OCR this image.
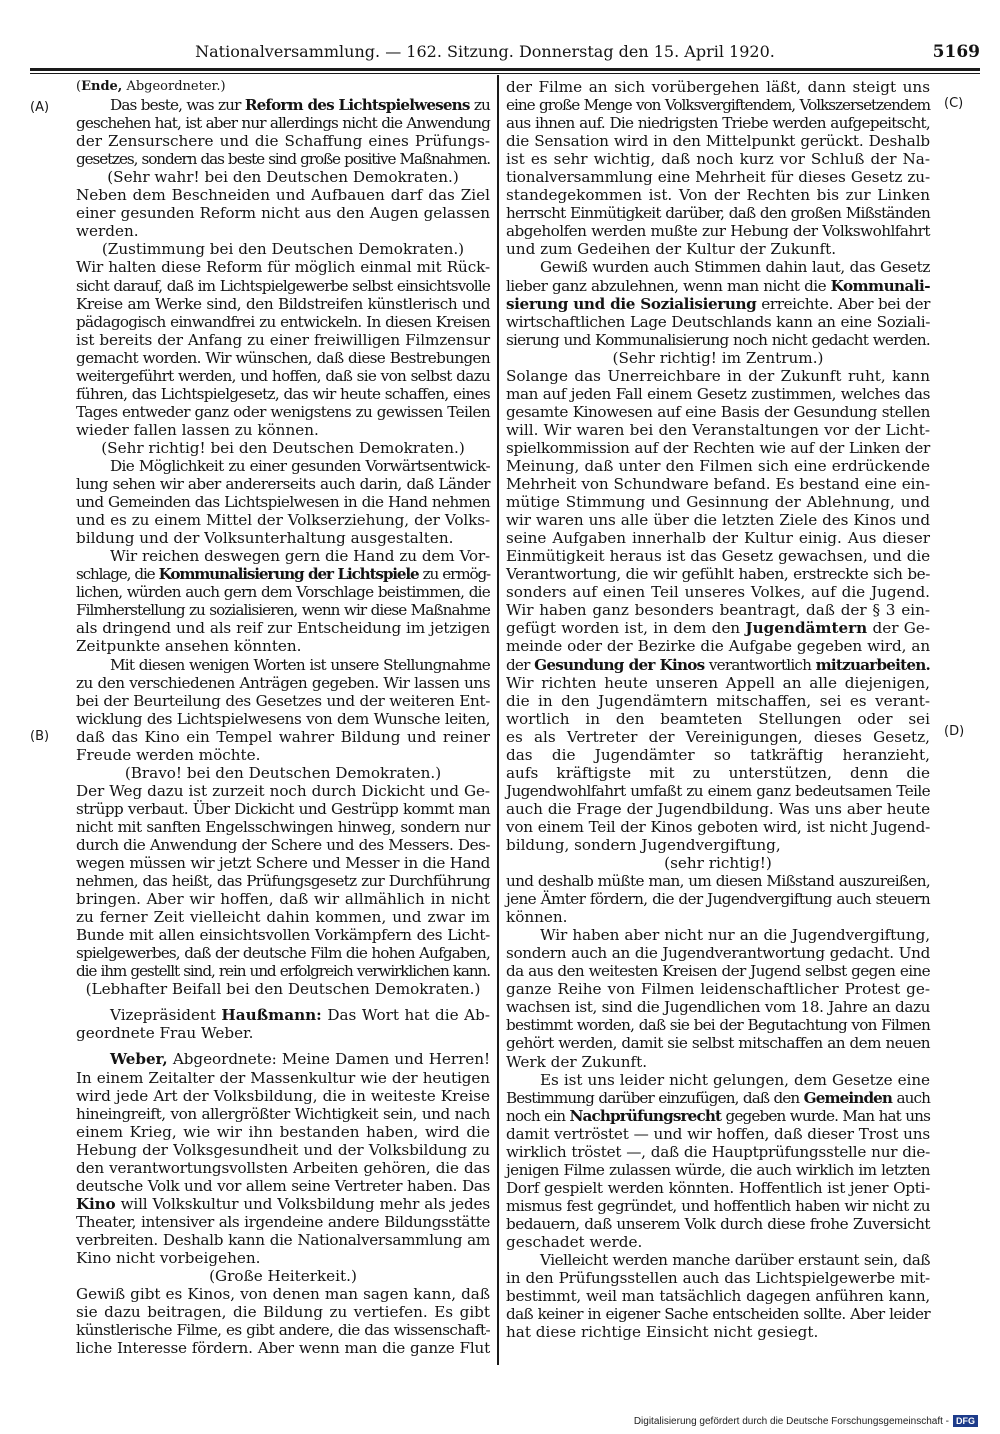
Nationalversammlung. — 162. Sitzung. Donnerstag den 15. April 1920.	5169
(A)
(B)
(C)
(D)
(Ende, Abgeordneter.)
Das beste, was zur Reform des Lichtspielwesens zu
geschehen hat, ist aber nur allerdings nicht die Anwendung
der Zensurschere und die Schaffung eines Prüfungs-
gesetzes, sondern das beste sind große positive Maßnahmen.
(Sehr wahr! bei den Deutschen Demokraten.)
Neben dem Beschneiden und Aufbauen darf das Ziel
einer gesunden Reform nicht aus den Augen gelassen
werden.
(Zustimmung bei den Deutschen Demokraten.)
Wir halten diese Reform für möglich einmal mit Rück-
sicht darauf, daß im Lichtspielgewerbe selbst einsichtsvolle
Kreise am Werke sind, den Bildstreifen künstlerisch und
pädagogisch einwandfrei zu entwickeln. In diesen Kreisen
ist bereits der Anfang zu einer freiwilligen Filmzensur
gemacht worden. Wir wünschen, daß diese Bestrebungen
weitergeführt werden, und hoffen, daß sie von selbst dazu
führen, das Lichtspielgesetz, das wir heute schaffen, eines
Tages entweder ganz oder wenigstens zu gewissen Teilen
wieder fallen lassen zu können.
(Sehr richtig! bei den Deutschen Demokraten.)
Die Möglichkeit zu einer gesunden Vorwärtsentwick-
lung sehen wir aber andererseits auch darin, daß Länder
und Gemeinden das Lichtspielwesen in die Hand nehmen
und es zu einem Mittel der Volkserziehung, der Volks-
bildung und der Volksunterhaltung ausgestalten.
Wir reichen deswegen gern die Hand zu dem Vor-
schlage, die Kommunalisierung der Lichtspiele zu ermög-
lichen, würden auch gern dem Vorschlage beistimmen, die
Filmherstellung zu sozialisieren, wenn wir diese Maßnahme
als dringend und als reif zur Entscheidung im jetzigen
Zeitpunkte ansehen könnten.
Mit diesen wenigen Worten ist unsere Stellungnahme
zu den verschiedenen Anträgen gegeben. Wir lassen uns
bei der Beurteilung des Gesetzes und der weiteren Ent-
wicklung des Lichtspielwesens von dem Wunsche leiten,
daß das Kino ein Tempel wahrer Bildung und reiner
Freude werden möchte.
(Bravo! bei den Deutschen Demokraten.)
Der Weg dazu ist zurzeit noch durch Dickicht und Ge-
strüpp verbaut. Über Dickicht und Gestrüpp kommt man
nicht mit sanften Engelsschwingen hinweg, sondern nur
durch die Anwendung der Schere und des Messers. Des-
wegen müssen wir jetzt Schere und Messer in die Hand
nehmen, das heißt, das Prüfungsgesetz zur Durchführung
bringen. Aber wir hoffen, daß wir allmählich in nicht
zu ferner Zeit vielleicht dahin kommen, und zwar im
Bunde mit allen einsichtsvollen Vorkämpfern des Licht-
spielgewerbes, daß der deutsche Film die hohen Aufgaben,
die ihm gestellt sind, rein und erfolgreich verwirklichen kann.
(Lebhafter Beifall bei den Deutschen Demokraten.)
Vizepräsident Haußmann: Das Wort hat die Ab-
geordnete Frau Weber.
Weber, Abgeordnete: Meine Damen und Herren!
In einem Zeitalter der Massenkultur wie der heutigen
wird jede Art der Volksbildung, die in weiteste Kreise
hineingreift, von allergrößter Wichtigkeit sein, und nach
einem Krieg, wie wir ihn bestanden haben, wird die
Hebung der Volksgesundheit und der Volksbildung zu
den verantwortungsvollsten Arbeiten gehören, die das
deutsche Volk und vor allem seine Vertreter haben. Das
Kino will Volkskultur und Volksbildung mehr als jedes
Theater, intensiver als irgendeine andere Bildungsstätte
verbreiten. Deshalb kann die Nationalversammlung am
Kino nicht vorbeigehen.
(Große Heiterkeit.)
Gewiß gibt es Kinos, von denen man sagen kann, daß
sie dazu beitragen, die Bildung zu vertiefen. Es gibt
künstlerische Filme, es gibt andere, die das wissenschaft-
liche Interesse fördern. Aber wenn man die ganze Flut
der Filme an sich vorübergehen läßt, dann steigt uns
eine große Menge von Volksvergiftendem, Volkszersetzendem
aus ihnen auf. Die niedrigsten Triebe werden aufgepeitscht,
die Sensation wird in den Mittelpunkt gerückt. Deshalb
ist es sehr wichtig, daß noch kurz vor Schluß der Na-
tionalversammlung eine Mehrheit für dieses Gesetz zu-
standegekommen ist. Von der Rechten bis zur Linken
herrscht Einmütigkeit darüber, daß den großen Mißständen
abgeholfen werden mußte zur Hebung der Volkswohlfahrt
und zum Gedeihen der Kultur der Zukunft.
Gewiß wurden auch Stimmen dahin laut, das Gesetz
lieber ganz abzulehnen, wenn man nicht die Kommunali-
sierung und die Sozialisierung erreichte. Aber bei der
wirtschaftlichen Lage Deutschlands kann an eine Soziali-
sierung und Kommunalisierung noch nicht gedacht werden.
(Sehr richtig! im Zentrum.)
Solange das Unerreichbare in der Zukunft ruht, kann
man auf jeden Fall einem Gesetz zustimmen, welches das
gesamte Kinowesen auf eine Basis der Gesundung stellen
will. Wir waren bei den Veranstaltungen vor der Licht-
spielkommission auf der Rechten wie auf der Linken der
Meinung, daß unter den Filmen sich eine erdrückende
Mehrheit von Schundware befand. Es bestand eine ein-
mütige Stimmung und Gesinnung der Ablehnung, und
wir waren uns alle über die letzten Ziele des Kinos und
seine Aufgaben innerhalb der Kultur einig. Aus dieser
Einmütigkeit heraus ist das Gesetz gewachsen, und die
Verantwortung, die wir gefühlt haben, erstreckte sich be-
sonders auf einen Teil unseres Volkes, auf die Jugend.
Wir haben ganz besonders beantragt, daß der § 3 ein-
gefügt worden ist, in dem den Jugendämtern der Ge-
meinde oder der Bezirke die Aufgabe gegeben wird, an
der Gesundung der Kinos verantwortlich mitzuarbeiten.
Wir richten heute unseren Appell an alle diejenigen,
die in den Jugendämtern mitschaffen, sei es verant-
wortlich in den beamteten Stellungen oder sei
es als Vertreter der Vereinigungen, dieses Gesetz,
das die Jugendämter so tatkräftig heranzieht,
aufs kräftigste mit zu unterstützen, denn die
Jugendwohlfahrt umfaßt zu einem ganz bedeutsamen Teile
auch die Frage der Jugendbildung. Was uns aber heute
von einem Teil der Kinos geboten wird, ist nicht Jugend-
bildung, sondern Jugendvergiftung,
(sehr richtig!)
und deshalb müßte man, um diesen Mißstand auszureißen,
jene Ämter fördern, die der Jugendvergiftung auch steuern
können.
Wir haben aber nicht nur an die Jugendvergiftung,
sondern auch an die Jugendverantwortung gedacht. Und
da aus den weitesten Kreisen der Jugend selbst gegen eine
ganze Reihe von Filmen leidenschaftlicher Protest ge-
wachsen ist, sind die Jugendlichen vom 18. Jahre an dazu
bestimmt worden, daß sie bei der Begutachtung von Filmen
gehört werden, damit sie selbst mitschaffen an dem neuen
Werk der Zukunft.
Es ist uns leider nicht gelungen, dem Gesetze eine
Bestimmung darüber einzufügen, daß den Gemeinden auch
noch ein Nachprüfungsrecht gegeben wurde. Man hat uns
damit vertröstet — und wir hoffen, daß dieser Trost uns
wirklich tröstet —, daß die Hauptprüfungsstelle nur die-
jenigen Filme zulassen würde, die auch wirklich im letzten
Dorf gespielt werden könnten. Hoffentlich ist jener Opti-
mismus fest gegründet, und hoffentlich haben wir nicht zu
bedauern, daß unserem Volk durch diese frohe Zuversicht
geschadet werde.
Vielleicht werden manche darüber erstaunt sein, daß
in den Prüfungsstellen auch das Lichtspielgewerbe mit-
bestimmt, weil man tatsächlich dagegen anführen kann,
daß keiner in eigener Sache entscheiden sollte. Aber leider
hat diese richtige Einsicht nicht gesiegt.
Digitalisierung gefördert durch die Deutsche Forschungsgemeinschaft - DFG
